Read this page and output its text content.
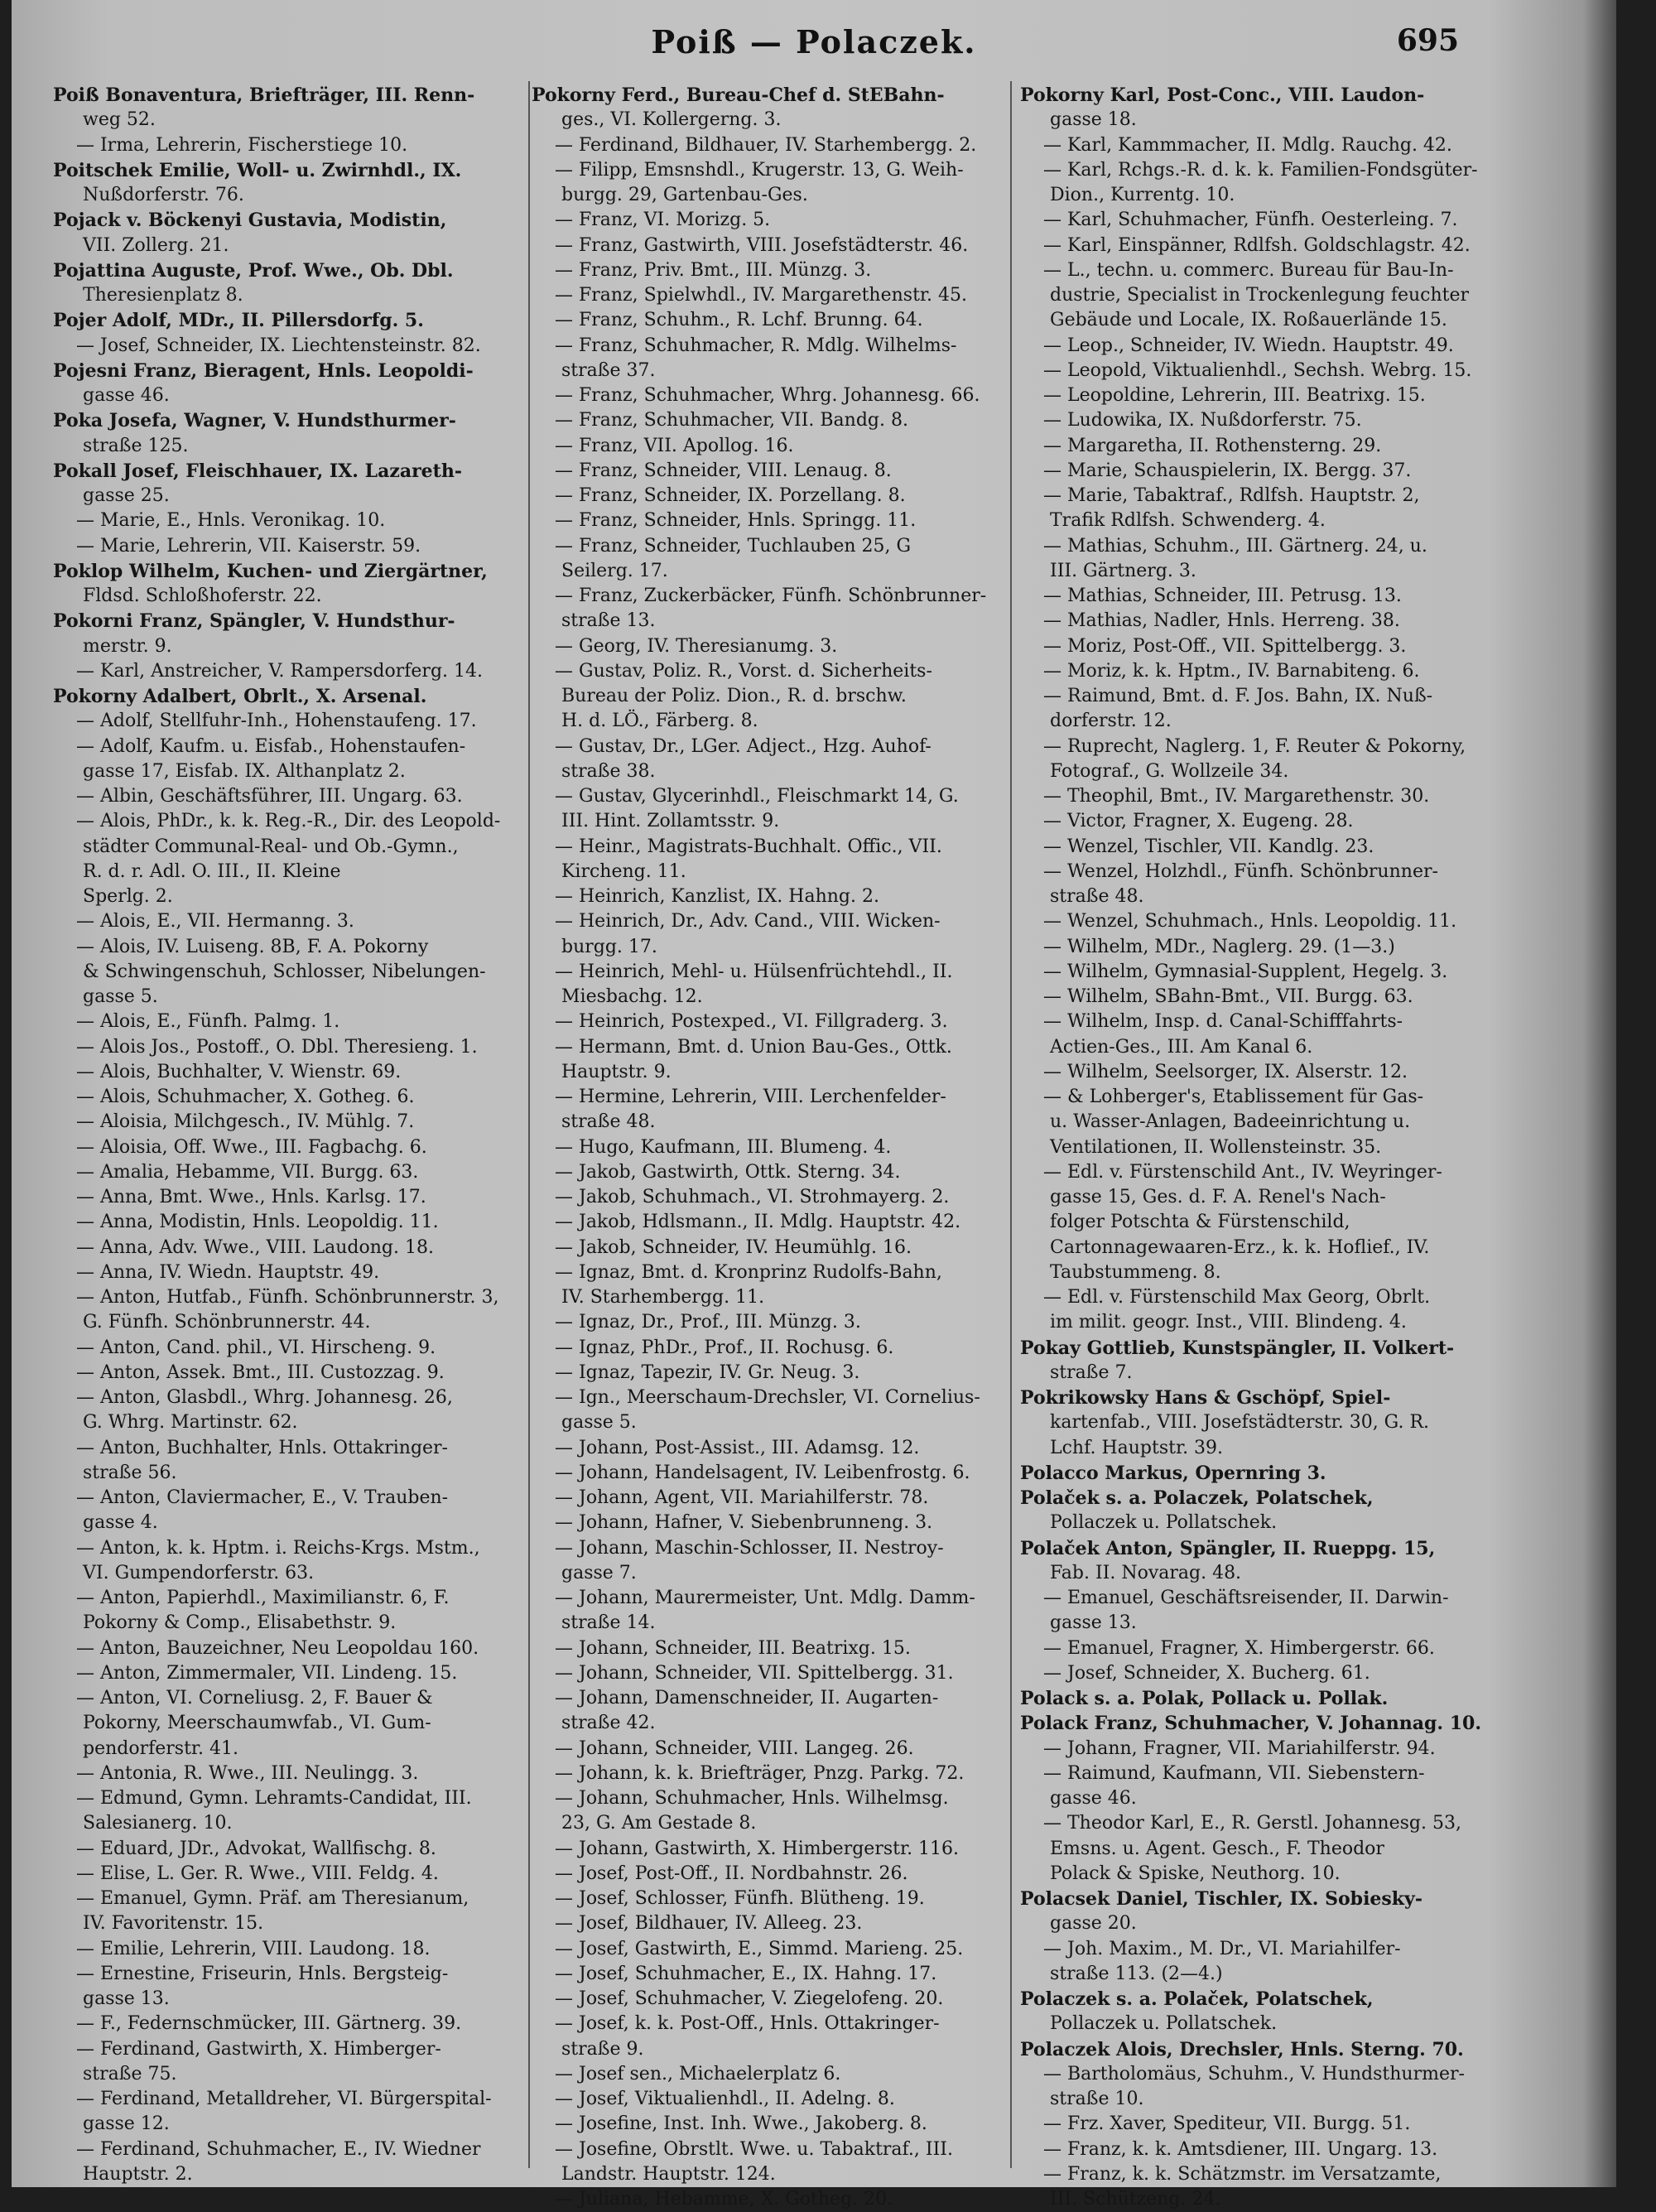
Poiß — Polaczek.	695
Poiß Bonaventura, Briefträger, III. Renn-
weg 52.
— Irma, Lehrerin, Fischerstiege 10.
Poitschek Emilie, Woll- u. Zwirnhdl., IX.
Nußdorferstr. 76.
Pojack v. Böckenyi Gustavia, Modistin,
VII. Zollerg. 21.
Pojattina Auguste, Prof. Wwe., Ob. Dbl.
Theresienplatz 8.
Pojer Adolf, MDr., II. Pillersdorfg. 5.
— Josef, Schneider, IX. Liechtensteinstr. 82.
Pojesni Franz, Bieragent, Hnls. Leopoldi-
gasse 46.
Poka Josefa, Wagner, V. Hundsthurmer-
straße 125.
Pokall Josef, Fleischhauer, IX. Lazareth-
gasse 25.
— Marie, E., Hnls. Veronikag. 10.
— Marie, Lehrerin, VII. Kaiserstr. 59.
Poklop Wilhelm, Kuchen- und Ziergärtner,
Fldsd. Schloßhoferstr. 22.
Pokorni Franz, Spängler, V. Hundsthur-
merstr. 9.
— Karl, Anstreicher, V. Rampersdorferg. 14.
Pokorny Adalbert, Obrlt., X. Arsenal.
— Adolf, Stellfuhr-Inh., Hohenstaufeng. 17.
— Adolf, Kaufm. u. Eisfab., Hohenstaufen-
gasse 17, Eisfab. IX. Althanplatz 2.
— Albin, Geschäftsführer, III. Ungarg. 63.
— Alois, PhDr., k. k. Reg.-R., Dir. des Leopold-
städter Communal-Real- und Ob.-Gymn.,
R. d. r. Adl. O. III., II. Kleine
Sperlg. 2.
— Alois, E., VII. Hermanng. 3.
— Alois, IV. Luiseng. 8B, F. A. Pokorny
& Schwingenschuh, Schlosser, Nibelungen-
gasse 5.
— Alois, E., Fünfh. Palmg. 1.
— Alois Jos., Postoff., O. Dbl. Theresieng. 1.
— Alois, Buchhalter, V. Wienstr. 69.
— Alois, Schuhmacher, X. Gotheg. 6.
— Aloisia, Milchgesch., IV. Mühlg. 7.
— Aloisia, Off. Wwe., III. Fagbachg. 6.
— Amalia, Hebamme, VII. Burgg. 63.
— Anna, Bmt. Wwe., Hnls. Karlsg. 17.
— Anna, Modistin, Hnls. Leopoldig. 11.
— Anna, Adv. Wwe., VIII. Laudong. 18.
— Anna, IV. Wiedn. Hauptstr. 49.
— Anton, Hutfab., Fünfh. Schönbrunnerstr. 3,
G. Fünfh. Schönbrunnerstr. 44.
— Anton, Cand. phil., VI. Hirscheng. 9.
— Anton, Assek. Bmt., III. Custozzag. 9.
— Anton, Glasbdl., Whrg. Johannesg. 26,
G. Whrg. Martinstr. 62.
— Anton, Buchhalter, Hnls. Ottakringer-
straße 56.
— Anton, Claviermacher, E., V. Trauben-
gasse 4.
— Anton, k. k. Hptm. i. Reichs-Krgs. Mstm.,
VI. Gumpendorferstr. 63.
— Anton, Papierhdl., Maximilianstr. 6, F.
Pokorny & Comp., Elisabethstr. 9.
— Anton, Bauzeichner, Neu Leopoldau 160.
— Anton, Zimmermaler, VII. Lindeng. 15.
— Anton, VI. Corneliusg. 2, F. Bauer &
Pokorny, Meerschaumwfab., VI. Gum-
pendorferstr. 41.
— Antonia, R. Wwe., III. Neulingg. 3.
— Edmund, Gymn. Lehramts-Candidat, III.
Salesianerg. 10.
— Eduard, JDr., Advokat, Wallfischg. 8.
— Elise, L. Ger. R. Wwe., VIII. Feldg. 4.
— Emanuel, Gymn. Präf. am Theresianum,
IV. Favoritenstr. 15.
— Emilie, Lehrerin, VIII. Laudong. 18.
— Ernestine, Friseurin, Hnls. Bergsteig-
gasse 13.
— F., Federnschmücker, III. Gärtnerg. 39.
— Ferdinand, Gastwirth, X. Himberger-
straße 75.
— Ferdinand, Metalldreher, VI. Bürgerspital-
gasse 12.
— Ferdinand, Schuhmacher, E., IV. Wiedner
Hauptstr. 2.
Pokorny Ferd., Bureau-Chef d. StEBahn-
ges., VI. Kollergerng. 3.
— Ferdinand, Bildhauer, IV. Starhembergg. 2.
— Filipp, Emsnshdl., Krugerstr. 13, G. Weih-
burgg. 29, Gartenbau-Ges.
— Franz, VI. Morizg. 5.
— Franz, Gastwirth, VIII. Josefstädterstr. 46.
— Franz, Priv. Bmt., III. Münzg. 3.
— Franz, Spielwhdl., IV. Margarethenstr. 45.
— Franz, Schuhm., R. Lchf. Brunng. 64.
— Franz, Schuhmacher, R. Mdlg. Wilhelms-
straße 37.
— Franz, Schuhmacher, Whrg. Johannesg. 66.
— Franz, Schuhmacher, VII. Bandg. 8.
— Franz, VII. Apollog. 16.
— Franz, Schneider, VIII. Lenaug. 8.
— Franz, Schneider, IX. Porzellang. 8.
— Franz, Schneider, Hnls. Springg. 11.
— Franz, Schneider, Tuchlauben 25, G
Seilerg. 17.
— Franz, Zuckerbäcker, Fünfh. Schönbrunner-
straße 13.
— Georg, IV. Theresianumg. 3.
— Gustav, Poliz. R., Vorst. d. Sicherheits-
Bureau der Poliz. Dion., R. d. brschw.
H. d. LÖ., Färberg. 8.
— Gustav, Dr., LGer. Adject., Hzg. Auhof-
straße 38.
— Gustav, Glycerinhdl., Fleischmarkt 14, G.
III. Hint. Zollamtsstr. 9.
— Heinr., Magistrats-Buchhalt. Offic., VII.
Kircheng. 11.
— Heinrich, Kanzlist, IX. Hahng. 2.
— Heinrich, Dr., Adv. Cand., VIII. Wicken-
burgg. 17.
— Heinrich, Mehl- u. Hülsenfrüchtehdl., II.
Miesbachg. 12.
— Heinrich, Postexped., VI. Fillgraderg. 3.
— Hermann, Bmt. d. Union Bau-Ges., Ottk.
Hauptstr. 9.
— Hermine, Lehrerin, VIII. Lerchenfelder-
straße 48.
— Hugo, Kaufmann, III. Blumeng. 4.
— Jakob, Gastwirth, Ottk. Sterng. 34.
— Jakob, Schuhmach., VI. Strohmayerg. 2.
— Jakob, Hdlsmann., II. Mdlg. Hauptstr. 42.
— Jakob, Schneider, IV. Heumühlg. 16.
— Ignaz, Bmt. d. Kronprinz Rudolfs-Bahn,
IV. Starhembergg. 11.
— Ignaz, Dr., Prof., III. Münzg. 3.
— Ignaz, PhDr., Prof., II. Rochusg. 6.
— Ignaz, Tapezir, IV. Gr. Neug. 3.
— Ign., Meerschaum-Drechsler, VI. Cornelius-
gasse 5.
— Johann, Post-Assist., III. Adamsg. 12.
— Johann, Handelsagent, IV. Leibenfrostg. 6.
— Johann, Agent, VII. Mariahilferstr. 78.
— Johann, Hafner, V. Siebenbrunneng. 3.
— Johann, Maschin-Schlosser, II. Nestroy-
gasse 7.
— Johann, Maurermeister, Unt. Mdlg. Damm-
straße 14.
— Johann, Schneider, III. Beatrixg. 15.
— Johann, Schneider, VII. Spittelbergg. 31.
— Johann, Damenschneider, II. Augarten-
straße 42.
— Johann, Schneider, VIII. Langeg. 26.
— Johann, k. k. Briefträger, Pnzg. Parkg. 72.
— Johann, Schuhmacher, Hnls. Wilhelmsg.
23, G. Am Gestade 8.
— Johann, Gastwirth, X. Himbergerstr. 116.
— Josef, Post-Off., II. Nordbahnstr. 26.
— Josef, Schlosser, Fünfh. Blütheng. 19.
— Josef, Bildhauer, IV. Alleeg. 23.
— Josef, Gastwirth, E., Simmd. Marieng. 25.
— Josef, Schuhmacher, E., IX. Hahng. 17.
— Josef, Schuhmacher, V. Ziegelofeng. 20.
— Josef, k. k. Post-Off., Hnls. Ottakringer-
straße 9.
— Josef sen., Michaelerplatz 6.
— Josef, Viktualienhdl., II. Adelng. 8.
— Josefine, Inst. Inh. Wwe., Jakoberg. 8.
— Josefine, Obrstlt. Wwe. u. Tabaktraf., III.
Landstr. Hauptstr. 124.
— Juliana, Hebamme, X. Gotheg. 20.
Pokorny Karl, Post-Conc., VIII. Laudon-
gasse 18.
— Karl, Kammmacher, II. Mdlg. Rauchg. 42.
— Karl, Rchgs.-R. d. k. k. Familien-Fondsgüter-
Dion., Kurrentg. 10.
— Karl, Schuhmacher, Fünfh. Oesterleing. 7.
— Karl, Einspänner, Rdlfsh. Goldschlagstr. 42.
— L., techn. u. commerc. Bureau für Bau-In-
dustrie, Specialist in Trockenlegung feuchter
Gebäude und Locale, IX. Roßauerlände 15.
— Leop., Schneider, IV. Wiedn. Hauptstr. 49.
— Leopold, Viktualienhdl., Sechsh. Webrg. 15.
— Leopoldine, Lehrerin, III. Beatrixg. 15.
— Ludowika, IX. Nußdorferstr. 75.
— Margaretha, II. Rothensterng. 29.
— Marie, Schauspielerin, IX. Bergg. 37.
— Marie, Tabaktraf., Rdlfsh. Hauptstr. 2,
Trafik Rdlfsh. Schwenderg. 4.
— Mathias, Schuhm., III. Gärtnerg. 24, u.
III. Gärtnerg. 3.
— Mathias, Schneider, III. Petrusg. 13.
— Mathias, Nadler, Hnls. Herreng. 38.
— Moriz, Post-Off., VII. Spittelbergg. 3.
— Moriz, k. k. Hptm., IV. Barnabiteng. 6.
— Raimund, Bmt. d. F. Jos. Bahn, IX. Nuß-
dorferstr. 12.
— Ruprecht, Naglerg. 1, F. Reuter & Pokorny,
Fotograf., G. Wollzeile 34.
— Theophil, Bmt., IV. Margarethenstr. 30.
— Victor, Fragner, X. Eugeng. 28.
— Wenzel, Tischler, VII. Kandlg. 23.
— Wenzel, Holzhdl., Fünfh. Schönbrunner-
straße 48.
— Wenzel, Schuhmach., Hnls. Leopoldig. 11.
— Wilhelm, MDr., Naglerg. 29. (1—3.)
— Wilhelm, Gymnasial-Supplent, Hegelg. 3.
— Wilhelm, SBahn-Bmt., VII. Burgg. 63.
— Wilhelm, Insp. d. Canal-Schifffahrts-
Actien-Ges., III. Am Kanal 6.
— Wilhelm, Seelsorger, IX. Alserstr. 12.
— & Lohberger's, Etablissement für Gas-
u. Wasser-Anlagen, Badeeinrichtung u.
Ventilationen, II. Wollensteinstr. 35.
— Edl. v. Fürstenschild Ant., IV. Weyringer-
gasse 15, Ges. d. F. A. Renel's Nach-
folger Potschta & Fürstenschild,
Cartonnagewaaren-Erz., k. k. Hoflief., IV.
Taubstummeng. 8.
— Edl. v. Fürstenschild Max Georg, Obrlt.
im milit. geogr. Inst., VIII. Blindeng. 4.
Pokay Gottlieb, Kunstspängler, II. Volkert-
straße 7.
Pokrikowsky Hans & Gschöpf, Spiel-
kartenfab., VIII. Josefstädterstr. 30, G. R.
Lchf. Hauptstr. 39.
Polacco Markus, Opernring 3.
Polaček s. a. Polaczek, Polatschek,
Pollaczek u. Pollatschek.
Polaček Anton, Spängler, II. Rueppg. 15,
Fab. II. Novarag. 48.
— Emanuel, Geschäftsreisender, II. Darwin-
gasse 13.
— Emanuel, Fragner, X. Himbergerstr. 66.
— Josef, Schneider, X. Bucherg. 61.
Polack s. a. Polak, Pollack u. Pollak.
Polack Franz, Schuhmacher, V. Johannag. 10.
— Johann, Fragner, VII. Mariahilferstr. 94.
— Raimund, Kaufmann, VII. Siebenstern-
gasse 46.
— Theodor Karl, E., R. Gerstl. Johannesg. 53,
Emsns. u. Agent. Gesch., F. Theodor
Polack & Spiske, Neuthorg. 10.
Polacsek Daniel, Tischler, IX. Sobiesky-
gasse 20.
— Joh. Maxim., M. Dr., VI. Mariahilfer-
straße 113. (2—4.)
Polaczek s. a. Polaček, Polatschek,
Pollaczek u. Pollatschek.
Polaczek Alois, Drechsler, Hnls. Sterng. 70.
— Bartholomäus, Schuhm., V. Hundsthurmer-
straße 10.
— Frz. Xaver, Spediteur, VII. Burgg. 51.
— Franz, k. k. Amtsdiener, III. Ungarg. 13.
— Franz, k. k. Schätzmstr. im Versatzamte,
III. Schützeng. 24.
